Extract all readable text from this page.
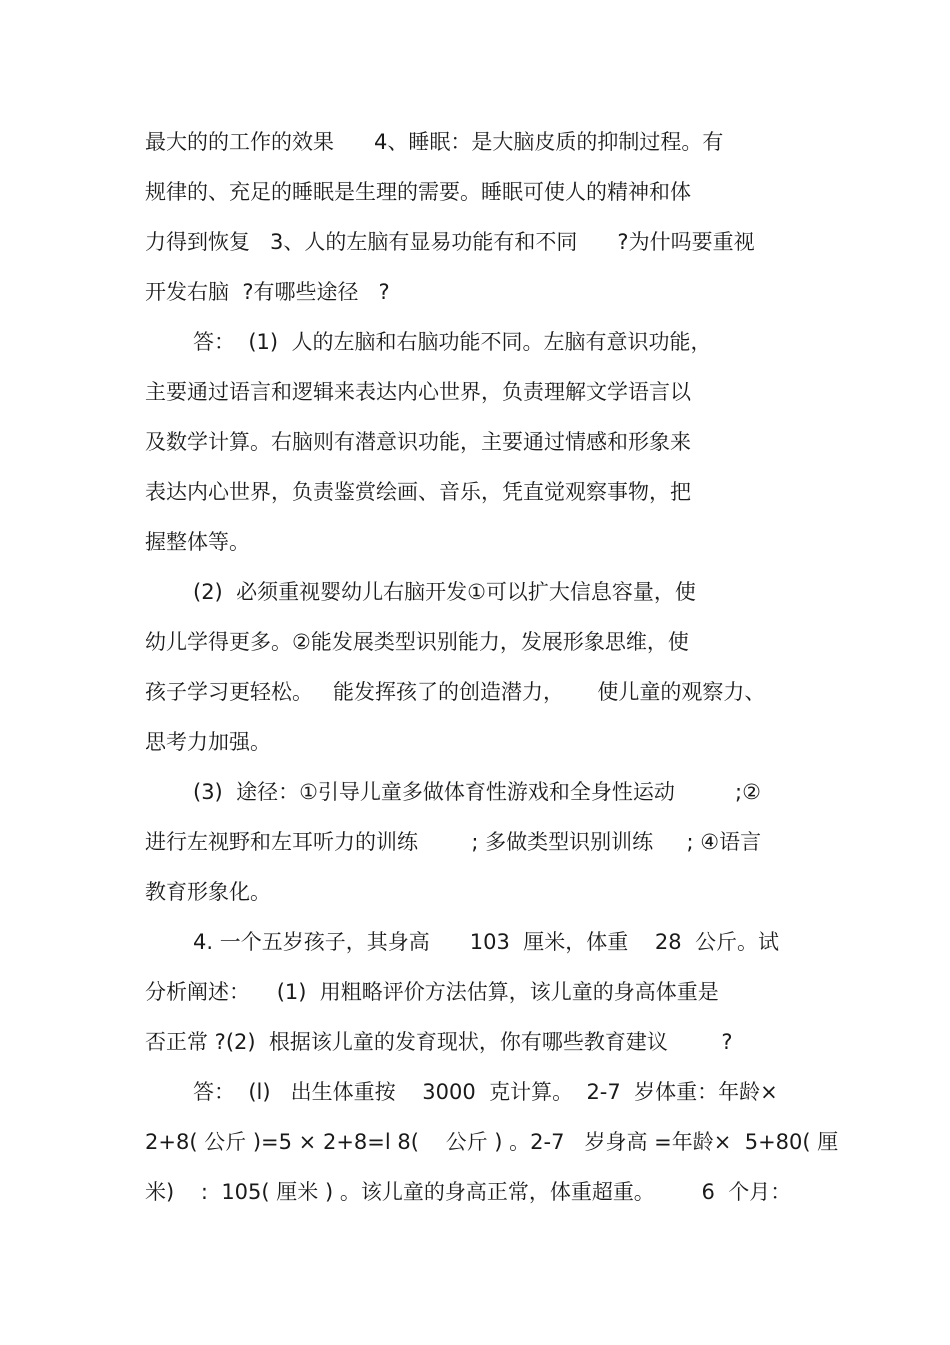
最大的的工作的效果      4、睡眠：是大脑皮质的抑制过程。有
规律的、充足的睡眠是生理的需要。睡眠可使人的精神和体
力得到恢复   3、人的左脑有显易功能有和不同      ?为什吗要重视
开发右脑  ?有哪些途径   ?
答：  (1)  人的左脑和右脑功能不同。左脑有意识功能，
主要通过语言和逻辑来表达内心世界，负责理解文学语言以
及数学计算。右脑则有潜意识功能，主要通过情感和形象来
表达内心世界，负责鉴赏绘画、音乐，凭直觉观察事物，把
握整体等。
(2)  必须重视婴幼儿右脑开发①可以扩大信息容量，使
幼儿学得更多。②能发展类型识别能力，发展形象思维，使
孩子学习更轻松。   能发挥孩了的创造潜力，     使儿童的观察力、
思考力加强。
(3)  途径：①引导儿童多做体育性游戏和全身性运动         ;②
进行左视野和左耳听力的训练        ; 多做类型识别训练     ; ④语言
教育形象化。
4. 一个五岁孩子，其身高      103  厘米，体重    28  公斤。试
分析阐述：    (1)  用粗略评价方法估算，该儿童的身高体重是
否正常 ?(2)  根据该儿童的发育现状，你有哪些教育建议        ?
答：  (l)   出生体重按    3000  克计算。  2-7  岁体重：年龄×
2+8( 公斤 )=5 × 2+8=l 8(    公斤 ) 。2-7   岁身高 =年龄×  5+80( 厘
米)    :  105( 厘米 ) 。该儿童的身高正常，体重超重。       6  个月：
